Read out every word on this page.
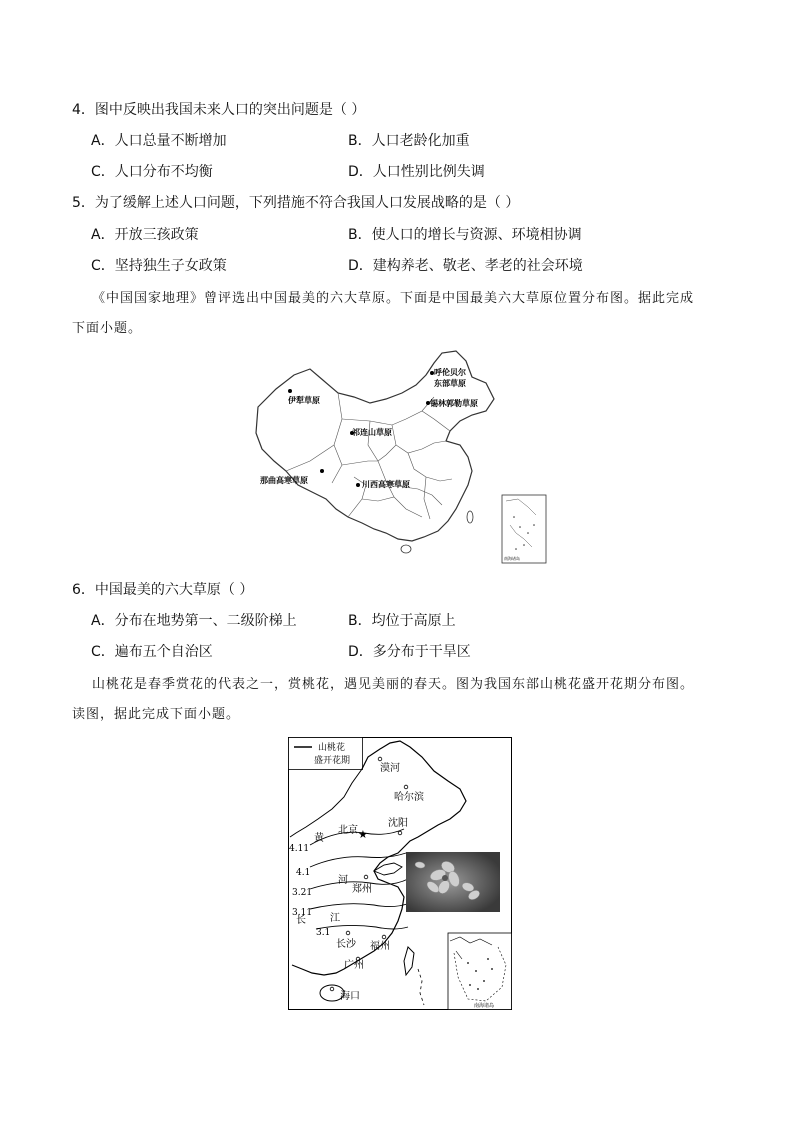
4．图中反映出我国未来人口的突出问题是（ ）
A．人口总量不断增加	B．人口老龄化加重
C．人口分布不均衡	D．人口性别比例失调
5．为了缓解上述人口问题，下列措施不符合我国人口发展战略的是（ ）
A．开放三孩政策	B．使人口的增长与资源、环境相协调
C．坚持独生子女政策	D．建构养老、敬老、孝老的社会环境
《中国国家地理》曾评选出中国最美的六大草原。下面是中国最美六大草原位置分布图。据此完成
下面小题。
伊犁草原
呼伦贝尔
东部草原
锡林郭勒草原
祁连山草原
那曲高寒草原	川西高寒草原
南海诸岛
6．中国最美的六大草原（ ）
A．分布在地势第一、二级阶梯上	B．均位于高原上
C．遍布五个自治区	D．多分布于干旱区
山桃花是春季赏花的代表之一，赏桃花，遇见美丽的春天。图为我国东部山桃花盛开花期分布图。
读图，据此完成下面小题。
山桃花
盛开花期
4.11
4.1
3.21
3.11
3.1
黄
河
长 江
漠河
哈尔滨
沈阳
★
北京
郑州
长沙 福州
广州
海口
南海诸岛
